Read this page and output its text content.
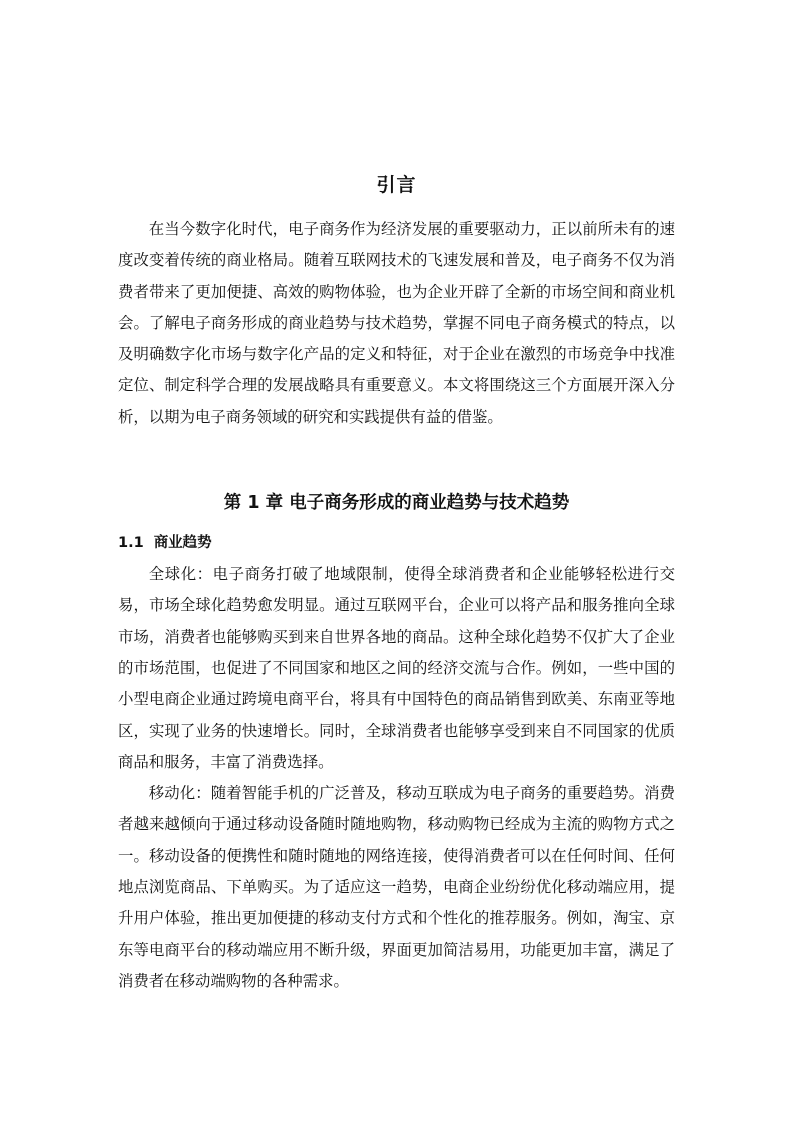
引言

在当今数字化时代，电子商务作为经济发展的重要驱动力，正以前所未有的速度改变着传统的商业格局。随着互联网技术的飞速发展和普及，电子商务不仅为消费者带来了更加便捷、高效的购物体验，也为企业开辟了全新的市场空间和商业机会。了解电子商务形成的商业趋势与技术趋势，掌握不同电子商务模式的特点，以及明确数字化市场与数字化产品的定义和特征，对于企业在激烈的市场竞争中找准定位、制定科学合理的发展战略具有重要意义。本文将围绕这三个方面展开深入分析，以期为电子商务领域的研究和实践提供有益的借鉴。

第 1 章 电子商务形成的商业趋势与技术趋势
1.1 商业趋势

全球化：电子商务打破了地域限制，使得全球消费者和企业能够轻松进行交易，市场全球化趋势愈发明显。通过互联网平台，企业可以将产品和服务推向全球市场，消费者也能够购买到来自世界各地的商品。这种全球化趋势不仅扩大了企业的市场范围，也促进了不同国家和地区之间的经济交流与合作。例如，一些中国的小型电商企业通过跨境电商平台，将具有中国特色的商品销售到欧美、东南亚等地区，实现了业务的快速增长。同时，全球消费者也能够享受到来自不同国家的优质商品和服务，丰富了消费选择。

移动化：随着智能手机的广泛普及，移动互联成为电子商务的重要趋势。消费者越来越倾向于通过移动设备随时随地购物，移动购物已经成为主流的购物方式之一。移动设备的便携性和随时随地的网络连接，使得消费者可以在任何时间、任何地点浏览商品、下单购买。为了适应这一趋势，电商企业纷纷优化移动端应用，提升用户体验，推出更加便捷的移动支付方式和个性化的推荐服务。例如，淘宝、京东等电商平台的移动端应用不断升级，界面更加简洁易用，功能更加丰富，满足了消费者在移动端购物的各种需求。
